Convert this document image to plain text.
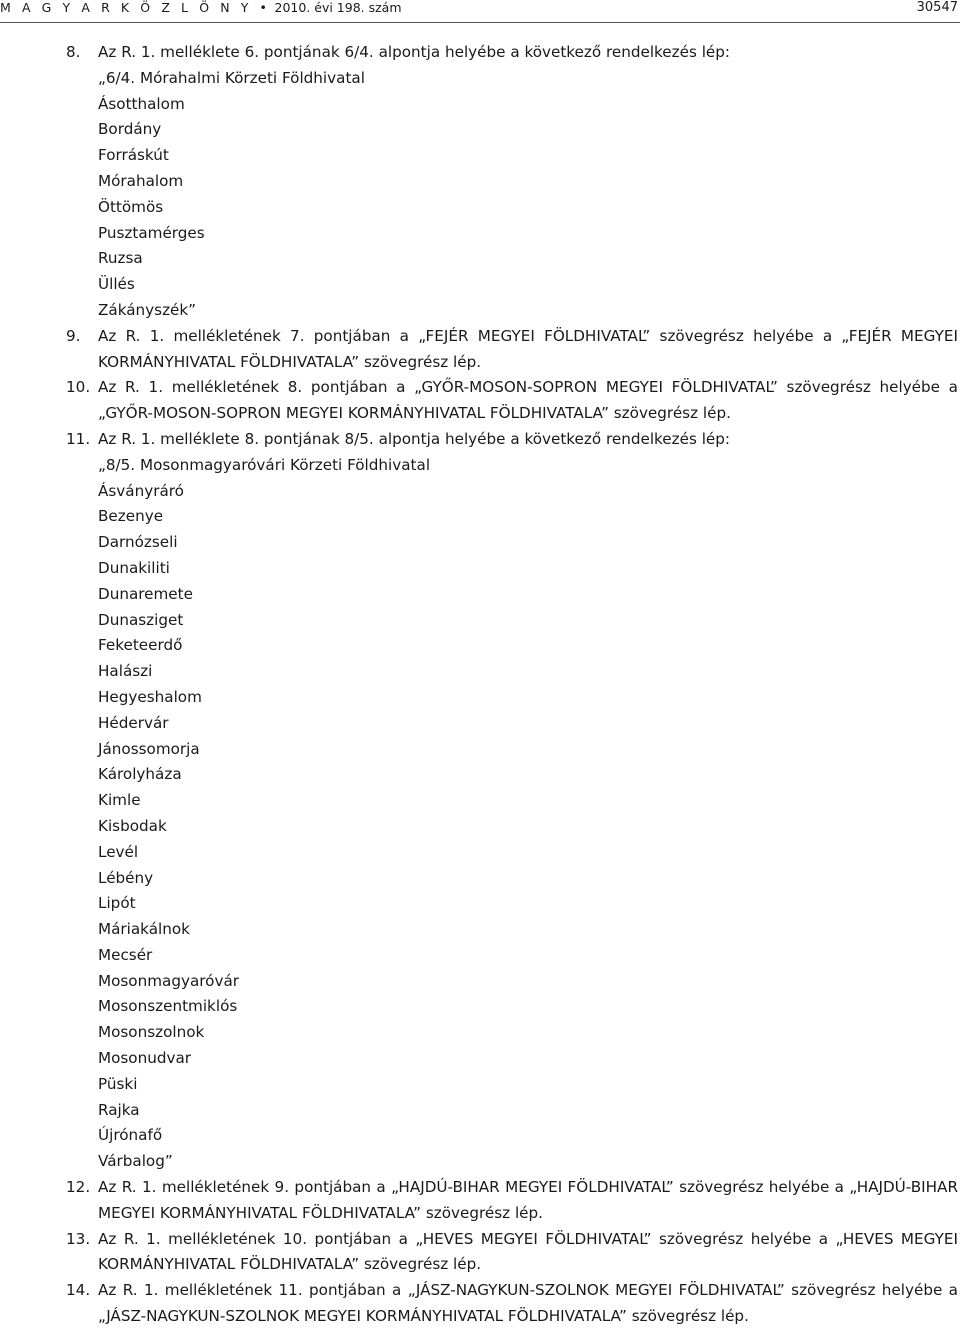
M A G Y A R K Ö Z L Ö N Y • 2010. évi 198. szám	30547
8.	Az R. 1. melléklete 6. pontjának 6/4. alpontja helyébe a következő rendelkezés lép:
„6/4. Mórahalmi Körzeti Földhivatal
Ásotthalom
Bordány
Forráskút
Mórahalom
Öttömös
Pusztamérges
Ruzsa
Üllés
Zákányszék”
9.	Az R. 1. mellékletének 7. pontjában a „FEJÉR MEGYEI FÖLDHIVATAL” szövegrész helyébe a „FEJÉR MEGYEI KORMÁNYHIVATAL FÖLDHIVATALA” szövegrész lép.
10. Az R. 1. mellékletének 8. pontjában a „GYŐR-MOSON-SOPRON MEGYEI FÖLDHIVATAL” szövegrész helyébe a „GYŐR-MOSON-SOPRON MEGYEI KORMÁNYHIVATAL FÖLDHIVATALA” szövegrész lép.
11. Az R. 1. melléklete 8. pontjának 8/5. alpontja helyébe a következő rendelkezés lép:
„8/5. Mosonmagyaróvári Körzeti Földhivatal
Ásványráró
Bezenye
Darnózseli
Dunakiliti
Dunaremete
Dunasziget
Feketeerdő
Halászi
Hegyeshalom
Hédervár
Jánossomorja
Károlyháza
Kimle
Kisbodak
Levél
Lébény
Lipót
Máriakálnok
Mecsér
Mosonmagyaróvár
Mosonszentmiklós
Mosonszolnok
Mosonudvar
Püski
Rajka
Újrónafő
Várbalog”
12. Az R. 1. mellékletének 9. pontjában a „HAJDÚ-BIHAR MEGYEI FÖLDHIVATAL” szövegrész helyébe a „HAJDÚ-BIHAR MEGYEI KORMÁNYHIVATAL FÖLDHIVATALA” szövegrész lép.
13. Az R. 1. mellékletének 10. pontjában a „HEVES MEGYEI FÖLDHIVATAL” szövegrész helyébe a „HEVES MEGYEI KORMÁNYHIVATAL FÖLDHIVATALA” szövegrész lép.
14. Az R. 1. mellékletének 11. pontjában a „JÁSZ-NAGYKUN-SZOLNOK MEGYEI FÖLDHIVATAL” szövegrész helyébe a „JÁSZ-NAGYKUN-SZOLNOK MEGYEI KORMÁNYHIVATAL FÖLDHIVATALA” szövegrész lép.
